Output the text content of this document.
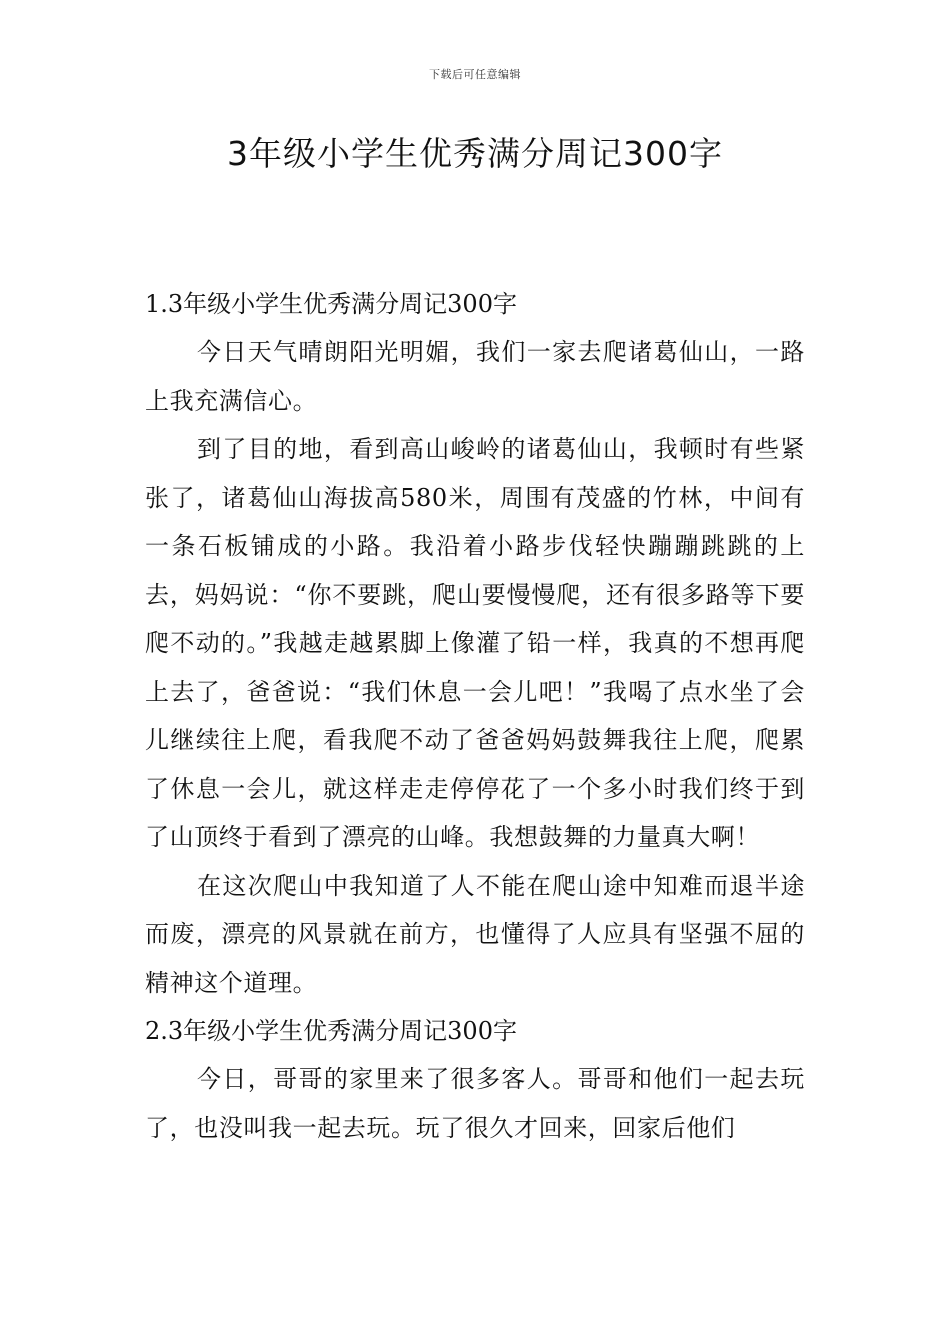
下载后可任意编辑
3年级小学生优秀满分周记300字

1.3年级小学生优秀满分周记300字

今日天气晴朗阳光明媚，我们一家去爬诸葛仙山，一路上我充满信心。

到了目的地，看到高山峻岭的诸葛仙山，我顿时有些紧张了，诸葛仙山海拔高580米，周围有茂盛的竹林，中间有一条石板铺成的小路。我沿着小路步伐轻快蹦蹦跳跳的上去，妈妈说：“你不要跳，爬山要慢慢爬，还有很多路等下要爬不动的。”我越走越累脚上像灌了铅一样，我真的不想再爬上去了，爸爸说：“我们休息一会儿吧！”我喝了点水坐了会儿继续往上爬，看我爬不动了爸爸妈妈鼓舞我往上爬，爬累了休息一会儿，就这样走走停停花了一个多小时我们终于到了山顶终于看到了漂亮的山峰。我想鼓舞的力量真大啊！

在这次爬山中我知道了人不能在爬山途中知难而退半途而废，漂亮的风景就在前方，也懂得了人应具有坚强不屈的精神这个道理。

2.3年级小学生优秀满分周记300字

今日，哥哥的家里来了很多客人。哥哥和他们一起去玩了，也没叫我一起去玩。玩了很久才回来，回家后他们
